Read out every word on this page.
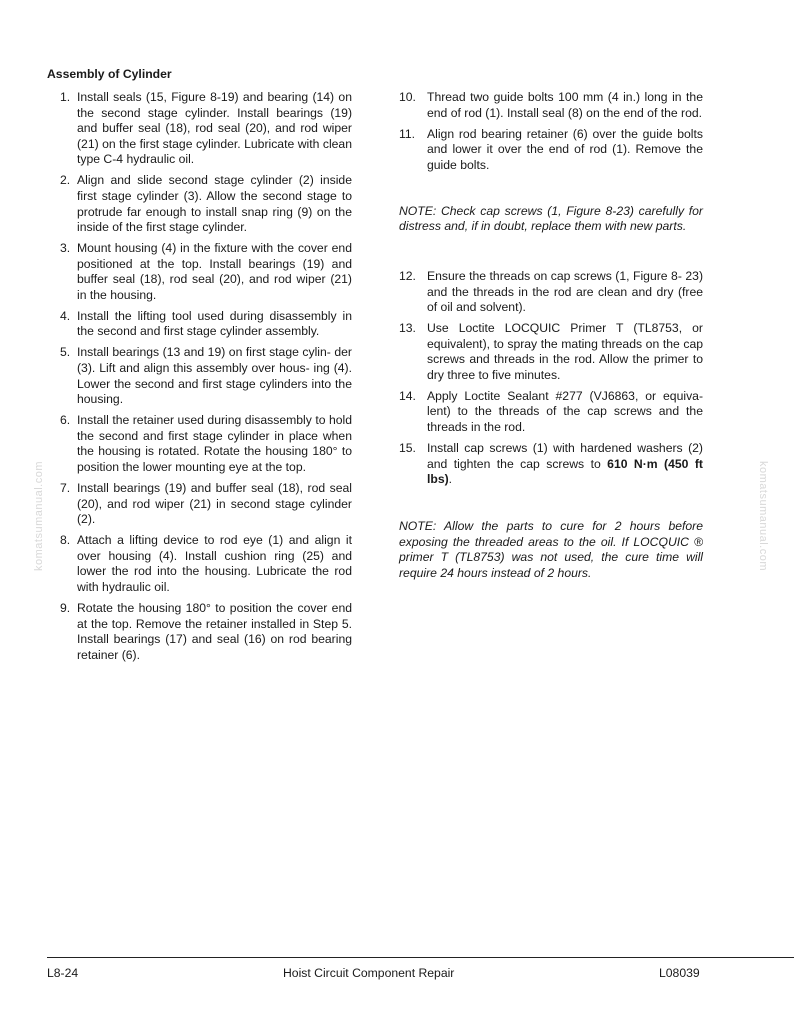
Assembly of Cylinder
1. Install seals (15, Figure 8-19) and bearing (14) on the second stage cylinder. Install bearings (19) and buffer seal (18), rod seal (20), and rod wiper (21) on the first stage cylinder. Lubricate with clean type C-4 hydraulic oil.
2. Align and slide second stage cylinder (2) inside first stage cylinder (3). Allow the second stage to protrude far enough to install snap ring (9) on the inside of the first stage cylinder.
3. Mount housing (4) in the fixture with the cover end positioned at the top. Install bearings (19) and buffer seal (18), rod seal (20), and rod wiper (21) in the housing.
4. Install the lifting tool used during disassembly in the second and first stage cylinder assembly.
5. Install bearings (13 and 19) on first stage cylin- der (3). Lift and align this assembly over hous- ing (4). Lower the second and first stage cylinders into the housing.
6. Install the retainer used during disassembly to hold the second and first stage cylinder in place when the housing is rotated. Rotate the housing 180° to position the lower mounting eye at the top.
7. Install bearings (19) and buffer seal (18), rod seal (20), and rod wiper (21) in second stage cylinder (2).
8. Attach a lifting device to rod eye (1) and align it over housing (4). Install cushion ring (25) and lower the rod into the housing. Lubricate the rod with hydraulic oil.
9. Rotate the housing 180° to position the cover end at the top. Remove the retainer installed in Step 5. Install bearings (17) and seal (16) on rod bearing retainer (6).
10. Thread two guide bolts 100 mm (4 in.) long in the end of rod (1). Install seal (8) on the end of the rod.
11. Align rod bearing retainer (6) over the guide bolts and lower it over the end of rod (1). Remove the guide bolts.

NOTE: Check cap screws (1, Figure 8-23) carefully for distress and, if in doubt, replace them with new parts.

12. Ensure the threads on cap screws (1, Figure 8- 23) and the threads in the rod are clean and dry (free of oil and solvent).
13. Use Loctite LOCQUIC Primer T (TL8753, or equivalent), to spray the mating threads on the cap screws and threads in the rod. Allow the primer to dry three to five minutes.
14. Apply Loctite Sealant #277 (VJ6863, or equiva- lent) to the threads of the cap screws and the threads in the rod.
15. Install cap screws (1) with hardened washers (2) and tighten the cap screws to 610 N·m (450 ft lbs).

NOTE: Allow the parts to cure for 2 hours before exposing the threaded areas to the oil. If LOCQUIC ® primer T (TL8753) was not used, the cure time will require 24 hours instead of 2 hours.

komatsumanual.com	komatsumanual.com
L8-24	Hoist Circuit Component Repair	L08039
